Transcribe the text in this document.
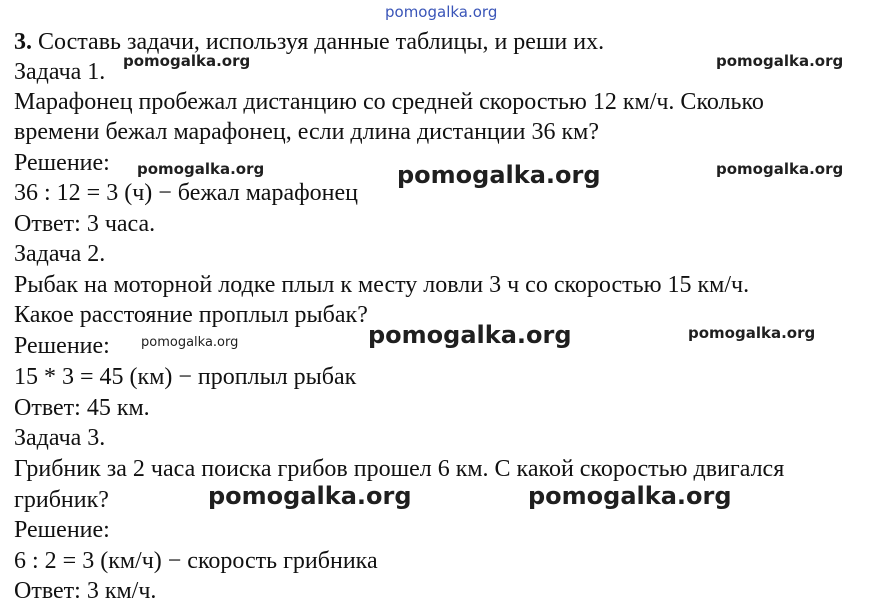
pomogalka.org
pomogalka.org	pomogalka.org
pomogalka.org	pomogalka.org
pomogalka.org
pomogalka.org
pomogalka.org
pomogalka.org
pomogalka.org	pomogalka.org
3. Составь задачи, используя данные таблицы, и реши их.
Задача 1.
Марафонец пробежал дистанцию со средней скоростью 12 км/ч. Сколько
времени бежал марафонец, если длина дистанции 36 км?
Решение:
36 : 12 = 3 (ч) − бежал марафонец
Ответ: 3 часа.
Задача 2.
Рыбак на моторной лодке плыл к месту ловли 3 ч со скоростью 15 км/ч.
Какое расстояние проплыл рыбак?
Решение:
15 * 3 = 45 (км) − проплыл рыбак
Ответ: 45 км.
Задача 3.
Грибник за 2 часа поиска грибов прошел 6 км. С какой скоростью двигался
грибник?
Решение:
6 : 2 = 3 (км/ч) − скорость грибника
Ответ: 3 км/ч.
